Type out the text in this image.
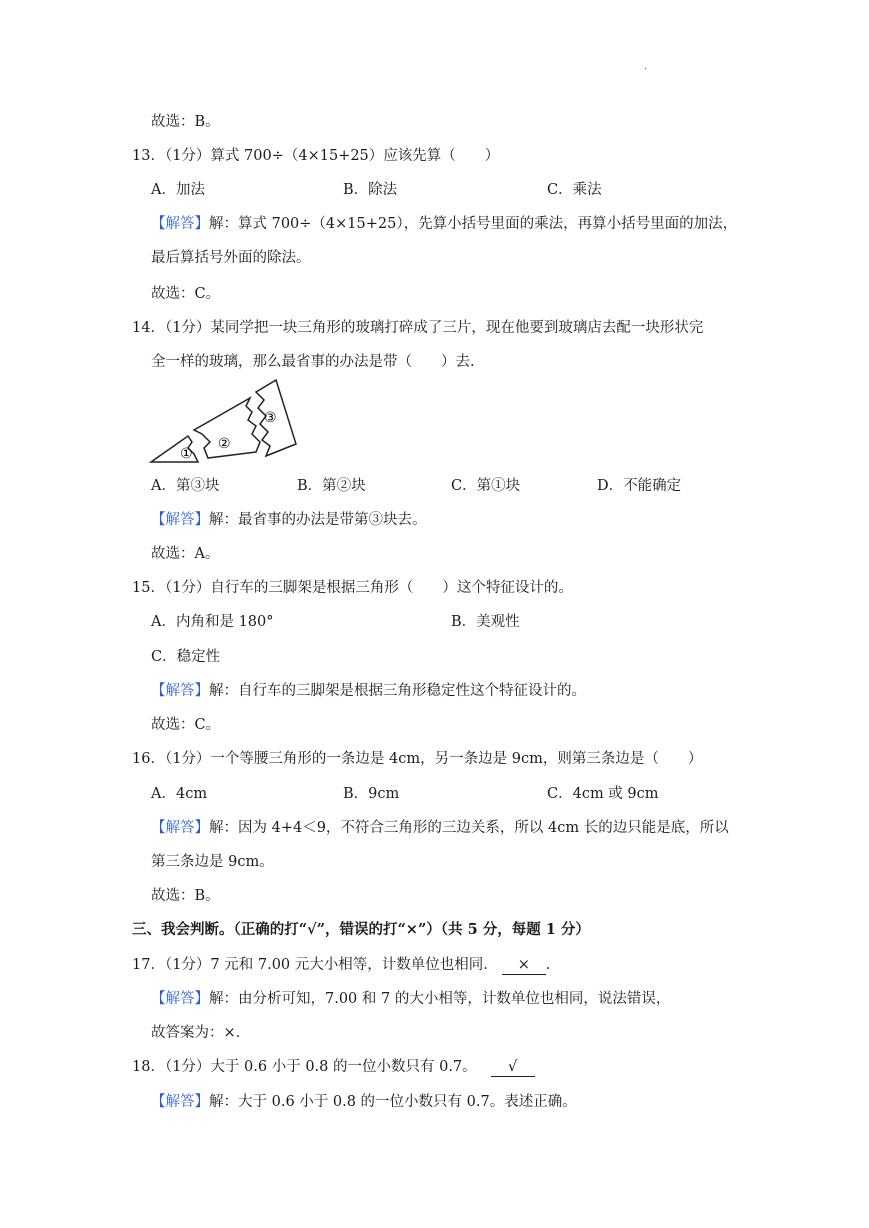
·
故选：B。
13．（1分）算式 700÷（4×15+25）应该先算（　　）
A．加法	B．除法	C．乘法
【解答】解：算式 700÷（4×15+25），先算小括号里面的乘法，再算小括号里面的加法，
最后算括号外面的除法。
故选：C。
14．（1分）某同学把一块三角形的玻璃打碎成了三片，现在他要到玻璃店去配一块形状完
全一样的玻璃，那么最省事的办法是带（　　）去.
①
②
③
A．第③块	B．第②块	C．第①块	D．不能确定
【解答】解：最省事的办法是带第③块去。
故选：A。
15．（1分）自行车的三脚架是根据三角形（　　）这个特征设计的。
A．内角和是 180°	B．美观性
C．稳定性
【解答】解：自行车的三脚架是根据三角形稳定性这个特征设计的。
故选：C。
16．（1分）一个等腰三角形的一条边是 4cm，另一条边是 9cm，则第三条边是（　　）
A．4cm	B．9cm	C．4cm 或 9cm
【解答】解：因为 4+4＜9，不符合三角形的三边关系，所以 4cm 长的边只能是底，所以
第三条边是 9cm。
故选：B。
三、我会判断。（正确的打“√”，错误的打“×”）（共 5 分，每题 1 分）
17．（1分）7 元和 7.00 元大小相等，计数单位也相同． × ．
【解答】解：由分析可知，7.00 和 7 的大小相等，计数单位也相同，说法错误，
故答案为：×．
18．（1分）大于 0.6 小于 0.8 的一位小数只有 0.7。 √
【解答】解：大于 0.6 小于 0.8 的一位小数只有 0.7。表述正确。
